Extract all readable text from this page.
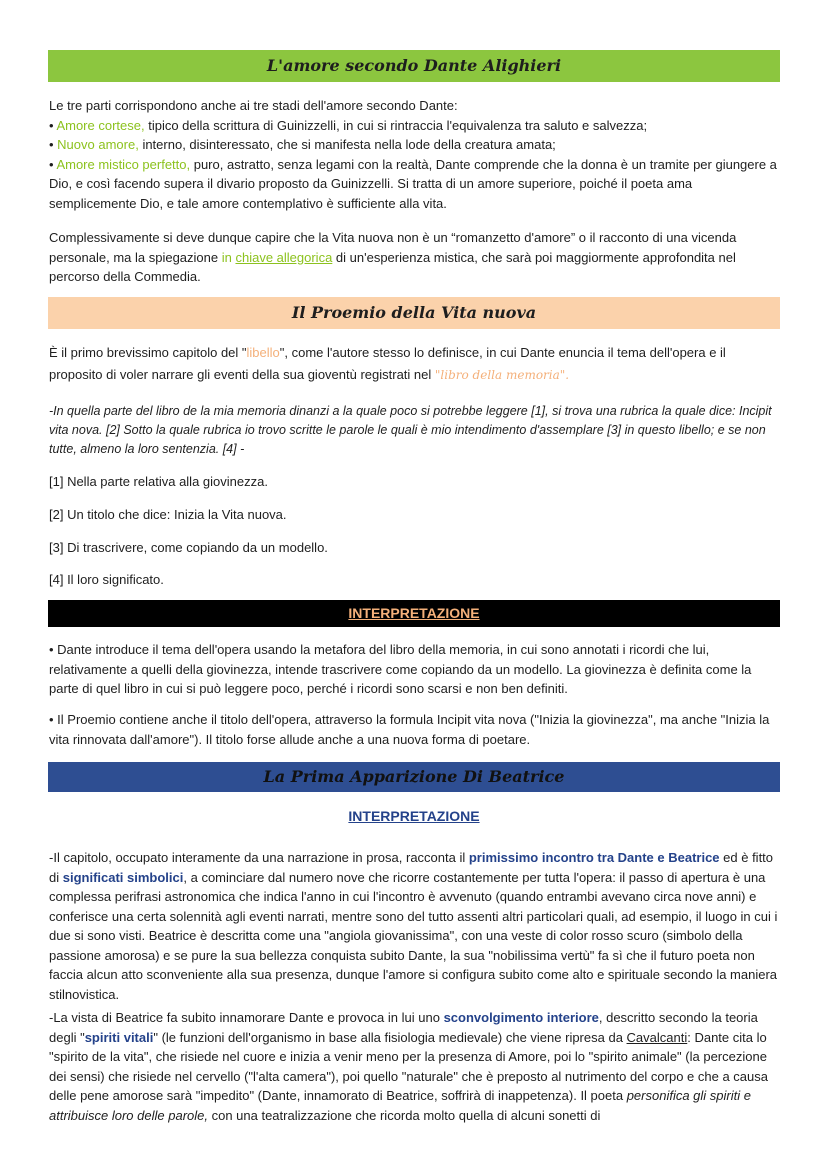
L'amore secondo Dante Alighieri
Le tre parti corrispondono anche ai tre stadi dell'amore secondo Dante:
• Amore cortese, tipico della scrittura di Guinizzelli, in cui si rintraccia l'equivalenza tra saluto e salvezza;
• Nuovo amore, interno, disinteressato, che si manifesta nella lode della creatura amata;
• Amore mistico perfetto, puro, astratto, senza legami con la realtà, Dante comprende che la donna è un tramite per giungere a Dio, e così facendo supera il divario proposto da Guinizzelli. Si tratta di un amore superiore, poiché il poeta ama semplicemente Dio, e tale amore contemplativo è sufficiente alla vita.
Complessivamente si deve dunque capire che la Vita nuova non è un “romanzetto d'amore” o il racconto di una vicenda personale, ma la spiegazione in chiave allegorica di un'esperienza mistica, che sarà poi maggiormente approfondita nel percorso della Commedia.
Il Proemio della Vita nuova
È il primo brevissimo capitolo del "libello", come l'autore stesso lo definisce, in cui Dante enuncia il tema dell'opera e il proposito di voler narrare gli eventi della sua gioventù registrati nel "libro della memoria".
-In quella parte del libro de la mia memoria dinanzi a la quale poco si potrebbe leggere [1], si trova una rubrica la quale dice: Incipit vita nova. [2] Sotto la quale rubrica io trovo scritte le parole le quali è mio intendimento d'assemplare [3] in questo libello; e se non tutte, almeno la loro sentenzia. [4] -
[1] Nella parte relativa alla giovinezza.
[2] Un titolo che dice: Inizia la Vita nuova.
[3] Di trascrivere, come copiando da un modello.
[4] Il loro significato.
INTERPRETAZIONE
• Dante introduce il tema dell'opera usando la metafora del libro della memoria, in cui sono annotati i ricordi che lui, relativamente a quelli della giovinezza, intende trascrivere come copiando da un modello. La giovinezza è definita come la parte di quel libro in cui si può leggere poco, perché i ricordi sono scarsi e non ben definiti.
• Il Proemio contiene anche il titolo dell'opera, attraverso la formula Incipit vita nova ("Inizia la giovinezza", ma anche "Inizia la vita rinnovata dall'amore"). Il titolo forse allude anche a una nuova forma di poetare.
La Prima Apparizione Di Beatrice
INTERPRETAZIONE
-Il capitolo, occupato interamente da una narrazione in prosa, racconta il primissimo incontro tra Dante e Beatrice ed è fitto di significati simbolici, a cominciare dal numero nove che ricorre costantemente per tutta l'opera: il passo di apertura è una complessa perifrasi astronomica che indica l'anno in cui l'incontro è avvenuto (quando entrambi avevano circa nove anni) e conferisce una certa solennità agli eventi narrati, mentre sono del tutto assenti altri particolari quali, ad esempio, il luogo in cui i due si sono visti. Beatrice è descritta come una "angiola giovanissima", con una veste di color rosso scuro (simbolo della passione amorosa) e se pure la sua bellezza conquista subito Dante, la sua "nobilissima vertù" fa sì che il futuro poeta non faccia alcun atto sconveniente alla sua presenza, dunque l'amore si configura subito come alto e spirituale secondo la maniera stilnovistica.
-La vista di Beatrice fa subito innamorare Dante e provoca in lui uno sconvolgimento interiore, descritto secondo la teoria degli "spiriti vitali" (le funzioni dell'organismo in base alla fisiologia medievale) che viene ripresa da Cavalcanti: Dante cita lo "spirito de la vita", che risiede nel cuore e inizia a venir meno per la presenza di Amore, poi lo "spirito animale" (la percezione dei sensi) che risiede nel cervello ("l'alta camera"), poi quello "naturale" che è preposto al nutrimento del corpo e che a causa delle pene amorose sarà "impedito" (Dante, innamorato di Beatrice, soffrirà di inappetenza). Il poeta personifica gli spiriti e attribuisce loro delle parole, con una teatralizzazione che ricorda molto quella di alcuni sonetti di
